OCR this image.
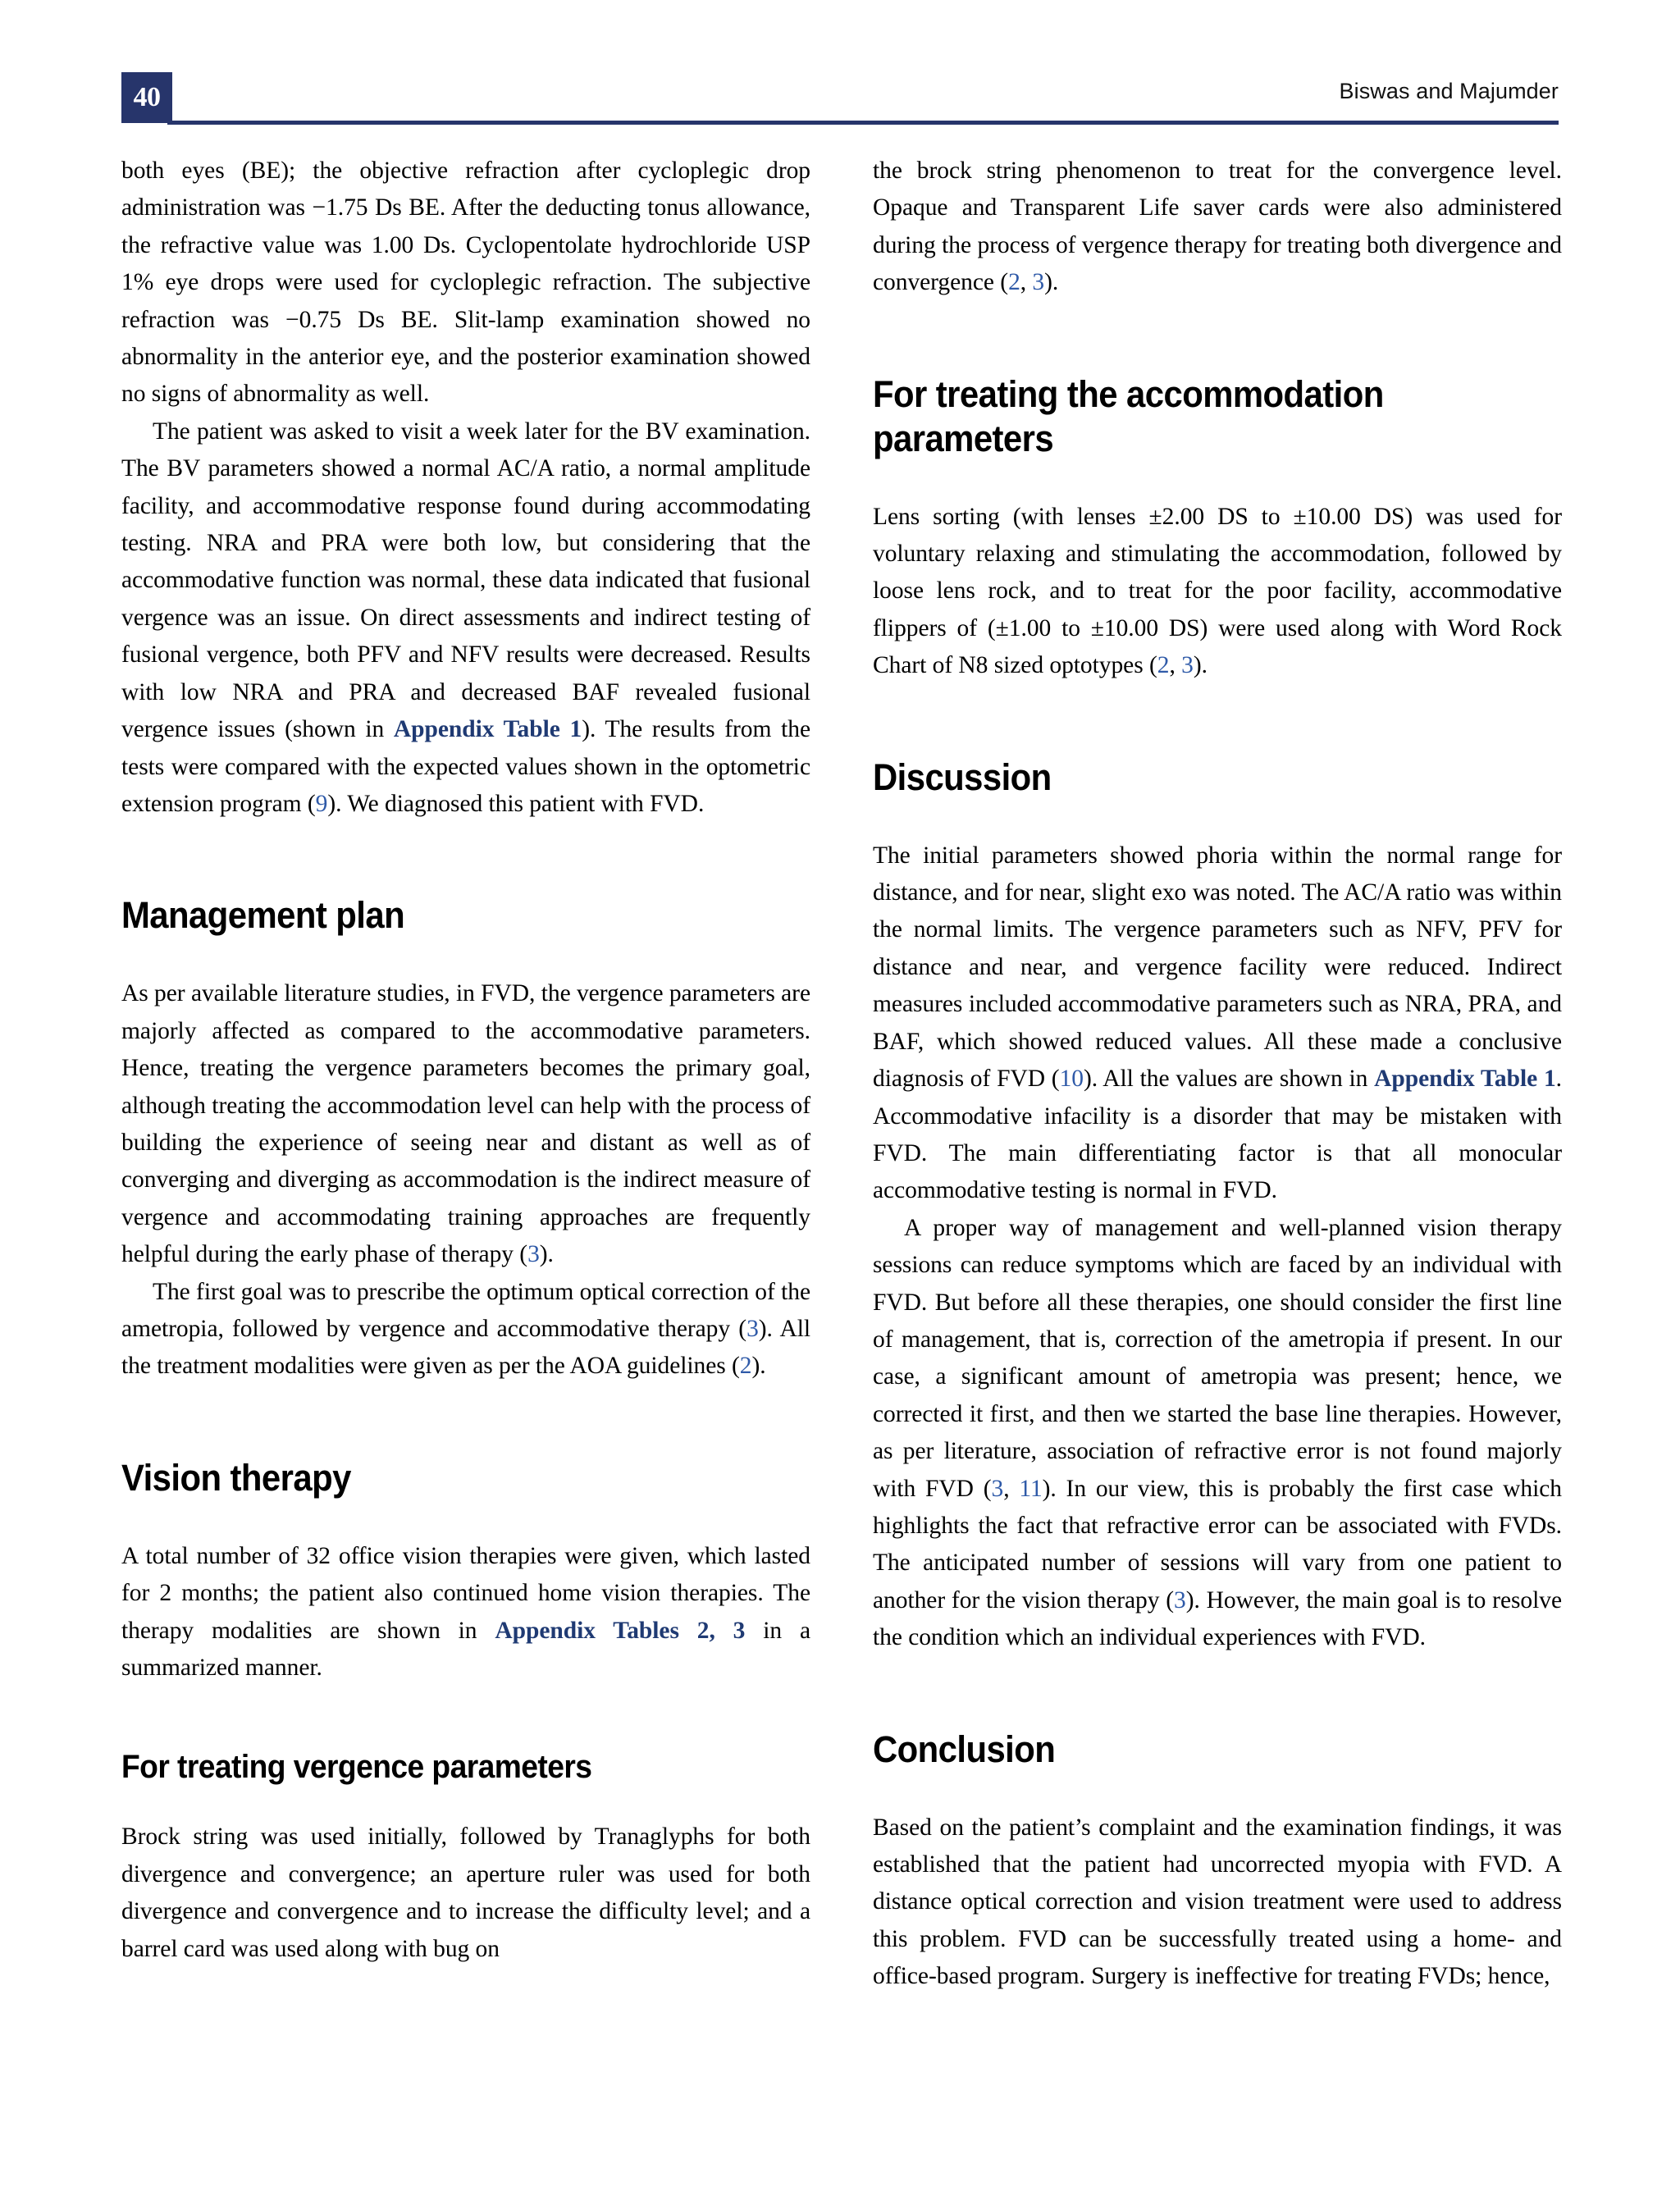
40	Biswas and Majumder

both eyes (BE); the objective refraction after cycloplegic drop administration was −1.75 Ds BE. After the deducting tonus allowance, the refractive value was 1.00 Ds. Cyclopentolate hydrochloride USP 1% eye drops were used for cycloplegic refraction. The subjective refraction was −0.75 Ds BE. Slit-lamp examination showed no abnormality in the anterior eye, and the posterior examination showed no signs of abnormality as well.

The patient was asked to visit a week later for the BV examination. The BV parameters showed a normal AC/A ratio, a normal amplitude facility, and accommodative response found during accommodating testing. NRA and PRA were both low, but considering that the accommodative function was normal, these data indicated that fusional vergence was an issue. On direct assessments and indirect testing of fusional vergence, both PFV and NFV results were decreased. Results with low NRA and PRA and decreased BAF revealed fusional vergence issues (shown in Appendix Table 1). The results from the tests were compared with the expected values shown in the optometric extension program (9). We diagnosed this patient with FVD.

Management plan

As per available literature studies, in FVD, the vergence parameters are majorly affected as compared to the accommodative parameters. Hence, treating the vergence parameters becomes the primary goal, although treating the accommodation level can help with the process of building the experience of seeing near and distant as well as of converging and diverging as accommodation is the indirect measure of vergence and accommodating training approaches are frequently helpful during the early phase of therapy (3).

The first goal was to prescribe the optimum optical correction of the ametropia, followed by vergence and accommodative therapy (3). All the treatment modalities were given as per the AOA guidelines (2).

Vision therapy

A total number of 32 office vision therapies were given, which lasted for 2 months; the patient also continued home vision therapies. The therapy modalities are shown in Appendix Tables 2, 3 in a summarized manner.

For treating vergence parameters

Brock string was used initially, followed by Tranaglyphs for both divergence and convergence; an aperture ruler was used for both divergence and convergence and to increase the difficulty level; and a barrel card was used along with bug on

the brock string phenomenon to treat for the convergence level. Opaque and Transparent Life saver cards were also administered during the process of vergence therapy for treating both divergence and convergence (2, 3).

For treating the accommodation parameters

Lens sorting (with lenses ±2.00 DS to ±10.00 DS) was used for voluntary relaxing and stimulating the accommodation, followed by loose lens rock, and to treat for the poor facility, accommodative flippers of (±1.00 to ±10.00 DS) were used along with Word Rock Chart of N8 sized optotypes (2, 3).

Discussion

The initial parameters showed phoria within the normal range for distance, and for near, slight exo was noted. The AC/A ratio was within the normal limits. The vergence parameters such as NFV, PFV for distance and near, and vergence facility were reduced. Indirect measures included accommodative parameters such as NRA, PRA, and BAF, which showed reduced values. All these made a conclusive diagnosis of FVD (10). All the values are shown in Appendix Table 1. Accommodative infacility is a disorder that may be mistaken with FVD. The main differentiating factor is that all monocular accommodative testing is normal in FVD.

A proper way of management and well-planned vision therapy sessions can reduce symptoms which are faced by an individual with FVD. But before all these therapies, one should consider the first line of management, that is, correction of the ametropia if present. In our case, a significant amount of ametropia was present; hence, we corrected it first, and then we started the base line therapies. However, as per literature, association of refractive error is not found majorly with FVD (3, 11). In our view, this is probably the first case which highlights the fact that refractive error can be associated with FVDs. The anticipated number of sessions will vary from one patient to another for the vision therapy (3). However, the main goal is to resolve the condition which an individual experiences with FVD.

Conclusion

Based on the patient’s complaint and the examination findings, it was established that the patient had uncorrected myopia with FVD. A distance optical correction and vision treatment were used to address this problem. FVD can be successfully treated using a home- and office-based program. Surgery is ineffective for treating FVDs; hence,
